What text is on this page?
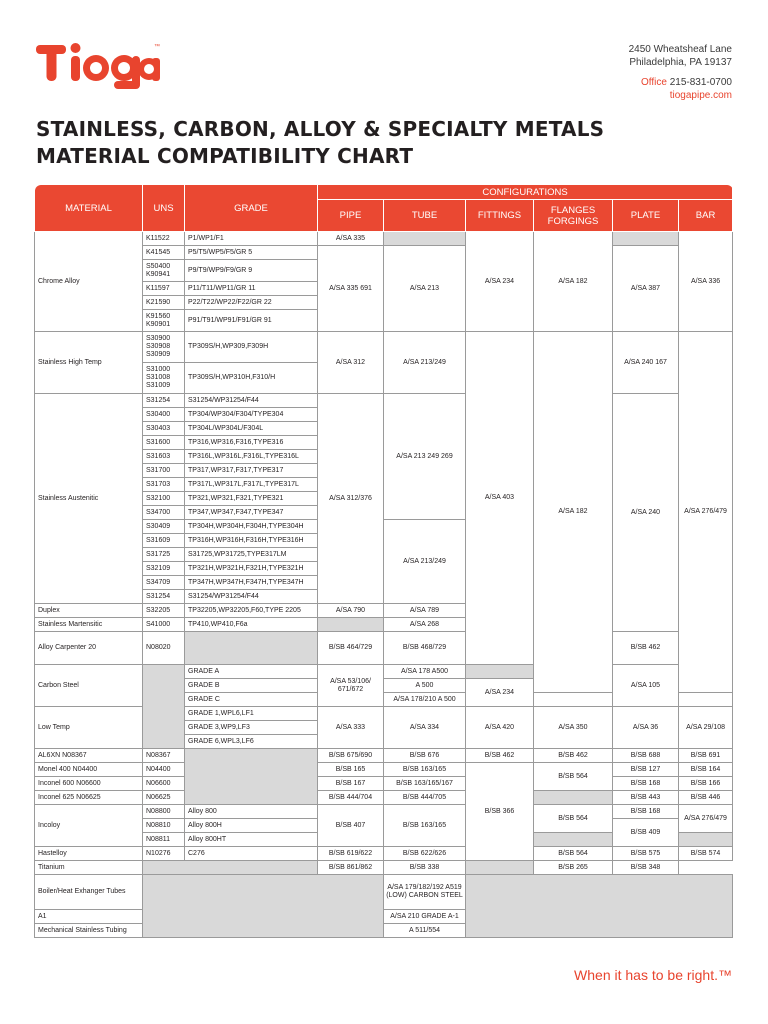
™	2450 Wheatsheaf Lane
Philadelphia, PA 19137
Office 215-831-0700
tiogapipe.com
STAINLESS, CARBON, ALLOY & SPECIALTY METALS
MATERIAL COMPATIBILITY CHART
MATERIAL	UNS	GRADE	CONFIGURATIONS						
			PIPE	TUBE	FITTINGS	FLANGES FORGINGS	PLATE	BAR	
Chrome Alloy	K11522	P1/WP1/F1	A/SA 335		A/SA 234	A/SA 182		A/SA 336	
	K41545	P5/T5/WP5/F5/GR 5	A/SA 335 691	A/SA 213			A/SA 387		
	S50400 K90941	P9/T9/WP9/F9/GR 9							
	K11597	P11/T11/WP11/GR 11							
	K21590	P22/T22/WP22/F22/GR 22							
	K91560 K90901	P91/T91/WP91/F91/GR 91							
Stainless High Temp	S30900 S30908 S30909	TP309S/H,WP309,F309H	A/SA 312	A/SA 213/249	A/SA 403	A/SA 182	A/SA 240 167	A/SA 276/479	
	S31000 S31008 S31009	TP309S/H,WP310H,F310/H							
Stainless Austenitic	S31254	S31254/WP31254/F44	A/SA 312/376	A/SA 213 249 269			A/SA 240		
	S30400	TP304/WP304/F304/TYPE304							
	S30403	TP304L/WP304L/F304L							
	S31600	TP316,WP316,F316,TYPE316							
	S31603	TP316L,WP316L,F316L,TYPE316L							
	S31700	TP317,WP317,F317,TYPE317							
	S31703	TP317L,WP317L,F317L,TYPE317L							
	S32100	TP321,WP321,F321,TYPE321							
	S34700	TP347,WP347,F347,TYPE347							
	S30409	TP304H,WP304H,F304H,TYPE304H		A/SA 213/249					
	S31609	TP316H,WP316H,F316H,TYPE316H							
	S31725	S31725,WP31725,TYPE317LM							
	S32109	TP321H,WP321H,F321H,TYPE321H							
	S34709	TP347H,WP347H,F347H,TYPE347H							
	S31254	S31254/WP31254/F44							
Duplex	S32205	TP32205,WP32205,F60,TYPE 2205	A/SA 790	A/SA 789	
Stainless Martensitic	S41000	TP410,WP410,F6a		A/SA 268					
Alloy Carpenter 20	N08020		B/SB 464/729	B/SB 468/729			B/SB 462			
Carbon Steel		GRADE A	A/SA 53/106/ 671/672	A/SA 178 A500			A/SA 105		
		GRADE B		A 500	A/SA 234				
		GRADE C		A/SA 178/210 A 500					
Low Temp		GRADE 1,WPL6,LF1	A/SA 333	A/SA 334	A/SA 420	A/SA 350	A/SA 36	A/SA 29/108	
		GRADE 3,WP9,LF3							
		GRADE 6,WPL3,LF6							
AL6XN N08367	N08367		B/SB 675/690	B/SB 676	B/SB 462	B/SB 462	B/SB 688	B/SB 691	
Monel 400 N04400	N04400		B/SB 165	B/SB 163/165	B/SB 366	B/SB 564	B/SB 127	B/SB 164	
Inconel 600 N06600	N06600		B/SB 167	B/SB 163/165/167			B/SB 168	B/SB 166	
Inconel 625 N06625	N06625		B/SB 444/704	B/SB 444/705			B/SB 443	B/SB 446	
Incoloy	N08800	Alloy 800	B/SB 407	B/SB 163/165		B/SB 564	B/SB 168	A/SA 276/479	
	N08810	Alloy 800H					B/SB 409		
	N08811	Alloy 800HT							
Hastelloy	N10276	C276	B/SB 619/622	B/SB 622/626		B/SB 564	B/SB 575	B/SB 574	
Titanium			B/SB 861/862	B/SB 338		B/SB 265	B/SB 348		
Boiler/Heat Exhanger Tubes				A/SA 179/182/192 A519 (LOW) CARBON STEEL					
A1				A/SA 210 GRADE A-1					
Mechanical Stainless Tubing				A 511/554					
When it has to be right.™
